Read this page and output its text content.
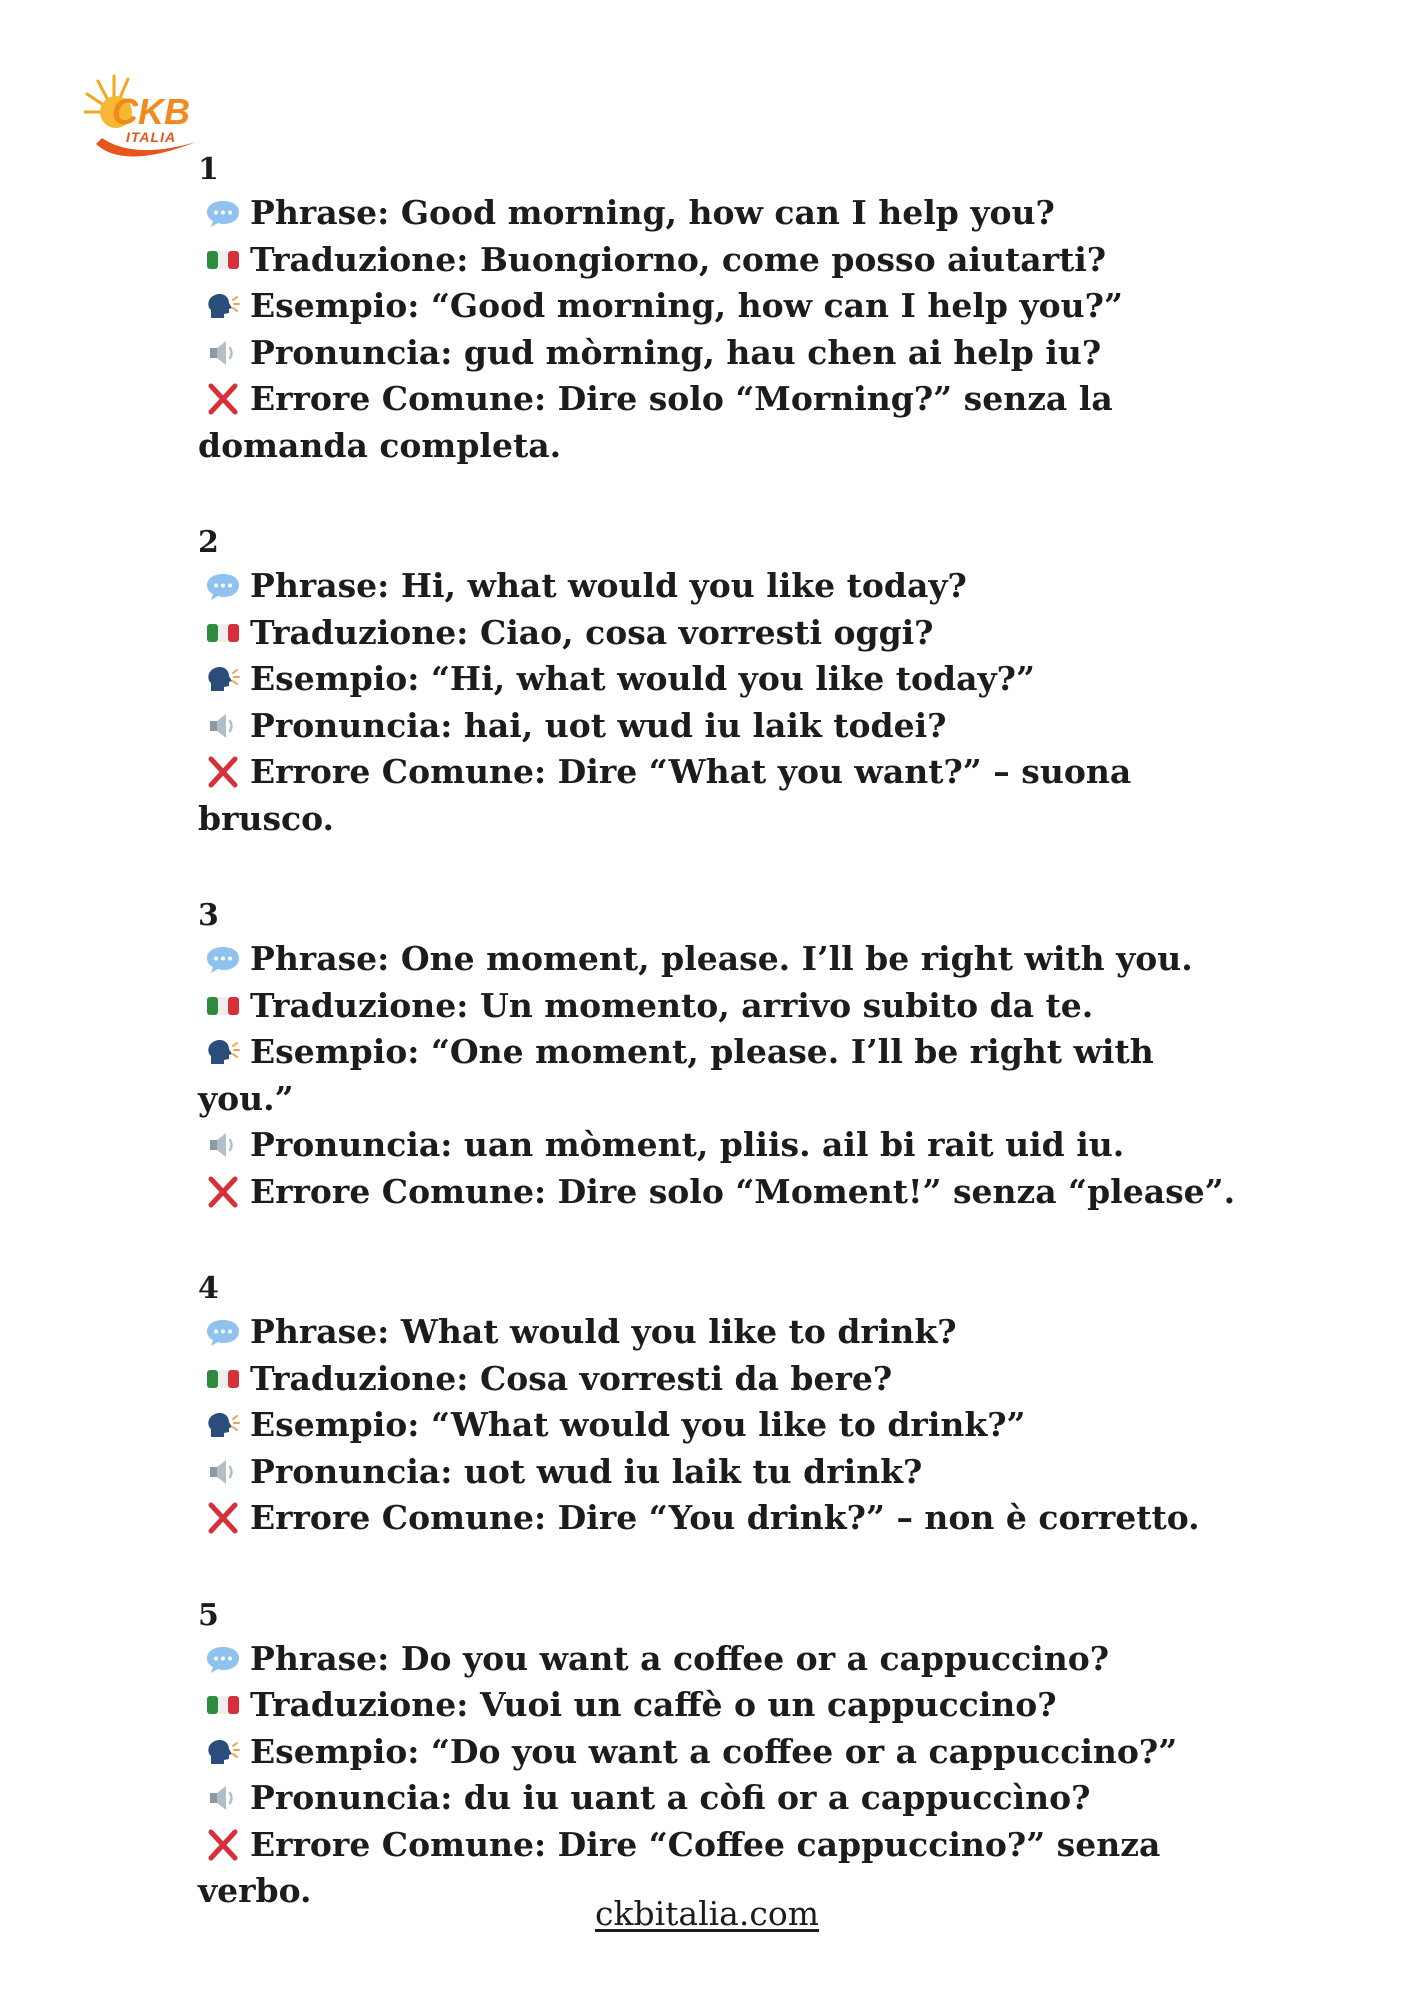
CKB
ITALIA
1
Phrase: Good morning, how can I help you?
Traduzione: Buongiorno, come posso aiutarti?
Esempio: “Good morning, how can I help you?”
Pronuncia: gud mòrning, hau chen ai help iu?
Errore Comune: Dire solo “Morning?” senza la domanda completa.
2
Phrase: Hi, what would you like today?
Traduzione: Ciao, cosa vorresti oggi?
Esempio: “Hi, what would you like today?”
Pronuncia: hai, uot wud iu laik todei?
Errore Comune: Dire “What you want?” – suona brusco.
3
Phrase: One moment, please. I’ll be right with you.
Traduzione: Un momento, arrivo subito da te.
Esempio: “One moment, please. I’ll be right with you.”
Pronuncia: uan mòment, pliis. ail bi rait uid iu.
Errore Comune: Dire solo “Moment!” senza “please”.
4
Phrase: What would you like to drink?
Traduzione: Cosa vorresti da bere?
Esempio: “What would you like to drink?”
Pronuncia: uot wud iu laik tu drink?
Errore Comune: Dire “You drink?” – non è corretto.
5
Phrase: Do you want a coffee or a cappuccino?
Traduzione: Vuoi un caffè o un cappuccino?
Esempio: “Do you want a coffee or a cappuccino?”
Pronuncia: du iu uant a còfi or a cappuccìno?
Errore Comune: Dire “Coffee cappuccino?” senza verbo.
ckbitalia.com
